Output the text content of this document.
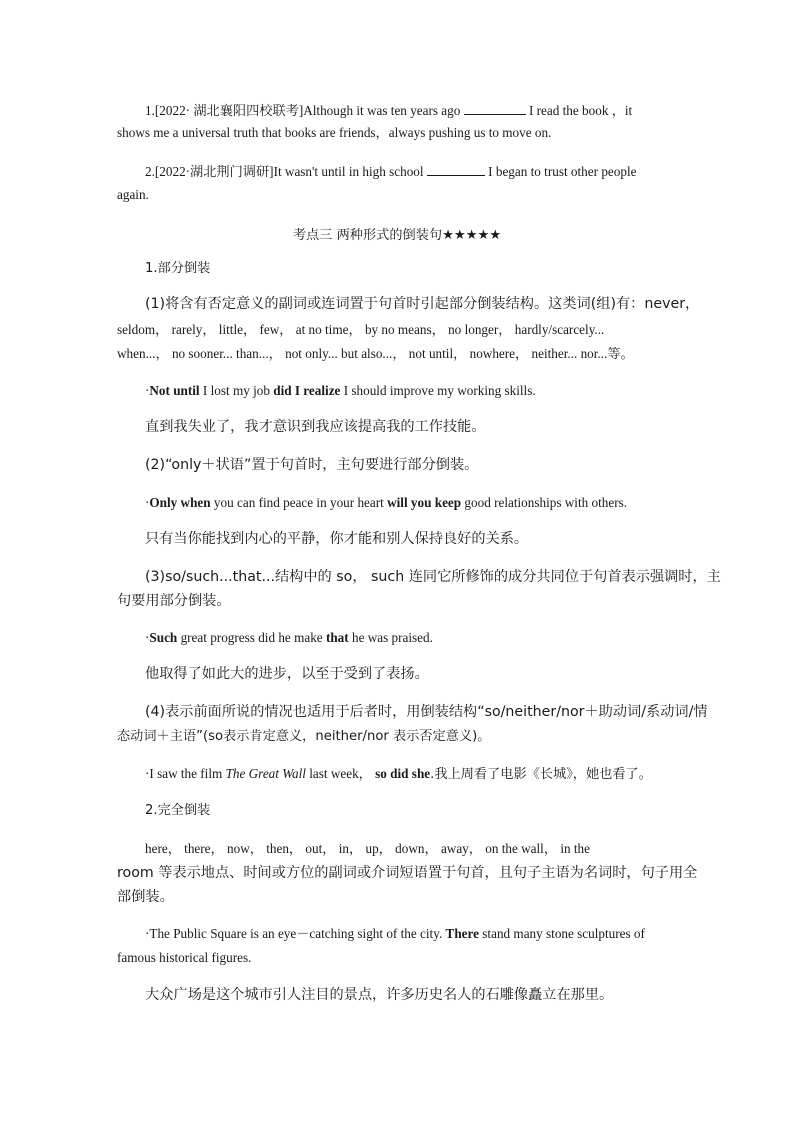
1.[2022· 湖北襄阳四校联考]Although it was ten years ago	I read the book ，it
shows me a universal truth that books are friends，always pushing us to move on.
2.[2022·湖北荆门调研]It wasn't until in high school	I began to trust other people
again.
考点三 两种形式的倒装句★★★★★
1.部分倒装
(1)将含有否定意义的副词或连词置于句首时引起部分倒装结构。这类词(组)有：never，
seldom， rarely， little， few， at no time， by no means， no longer， hardly/scarcely...
when...， no sooner... than...， not only... but also...， not until， nowhere， neither... nor...等。
·Not until I lost my job did I realize I should improve my working skills.
直到我失业了，我才意识到我应该提高我的工作技能。
(2)“only＋状语”置于句首时，主句要进行部分倒装。
·Only when you can find peace in your heart will you keep good relationships with others.
只有当你能找到内心的平静，你才能和别人保持良好的关系。
(3)so/such...that...结构中的 so， such 连同它所修饰的成分共同位于句首表示强调时，主
句要用部分倒装。
·Such great progress did he make that he was praised.
他取得了如此大的进步，以至于受到了表扬。
(4)表示前面所说的情况也适用于后者时，用倒装结构“so/neither/nor＋助动词/系动词/情
态动词＋主语”(so表示肯定意义，neither/nor 表示否定意义)。
·I saw the film The Great Wall last week， so did she.我上周看了电影《长城》，她也看了。
2.完全倒装
here， there， now， then， out， in， up， down， away， on the wall， in the
room 等表示地点、时间或方位的副词或介词短语置于句首，且句子主语为名词时，句子用全
部倒装。
·The Public Square is an eye－catching sight of the city. There stand many stone sculptures of
famous historical figures.
大众广场是这个城市引人注目的景点，许多历史名人的石雕像矗立在那里。
